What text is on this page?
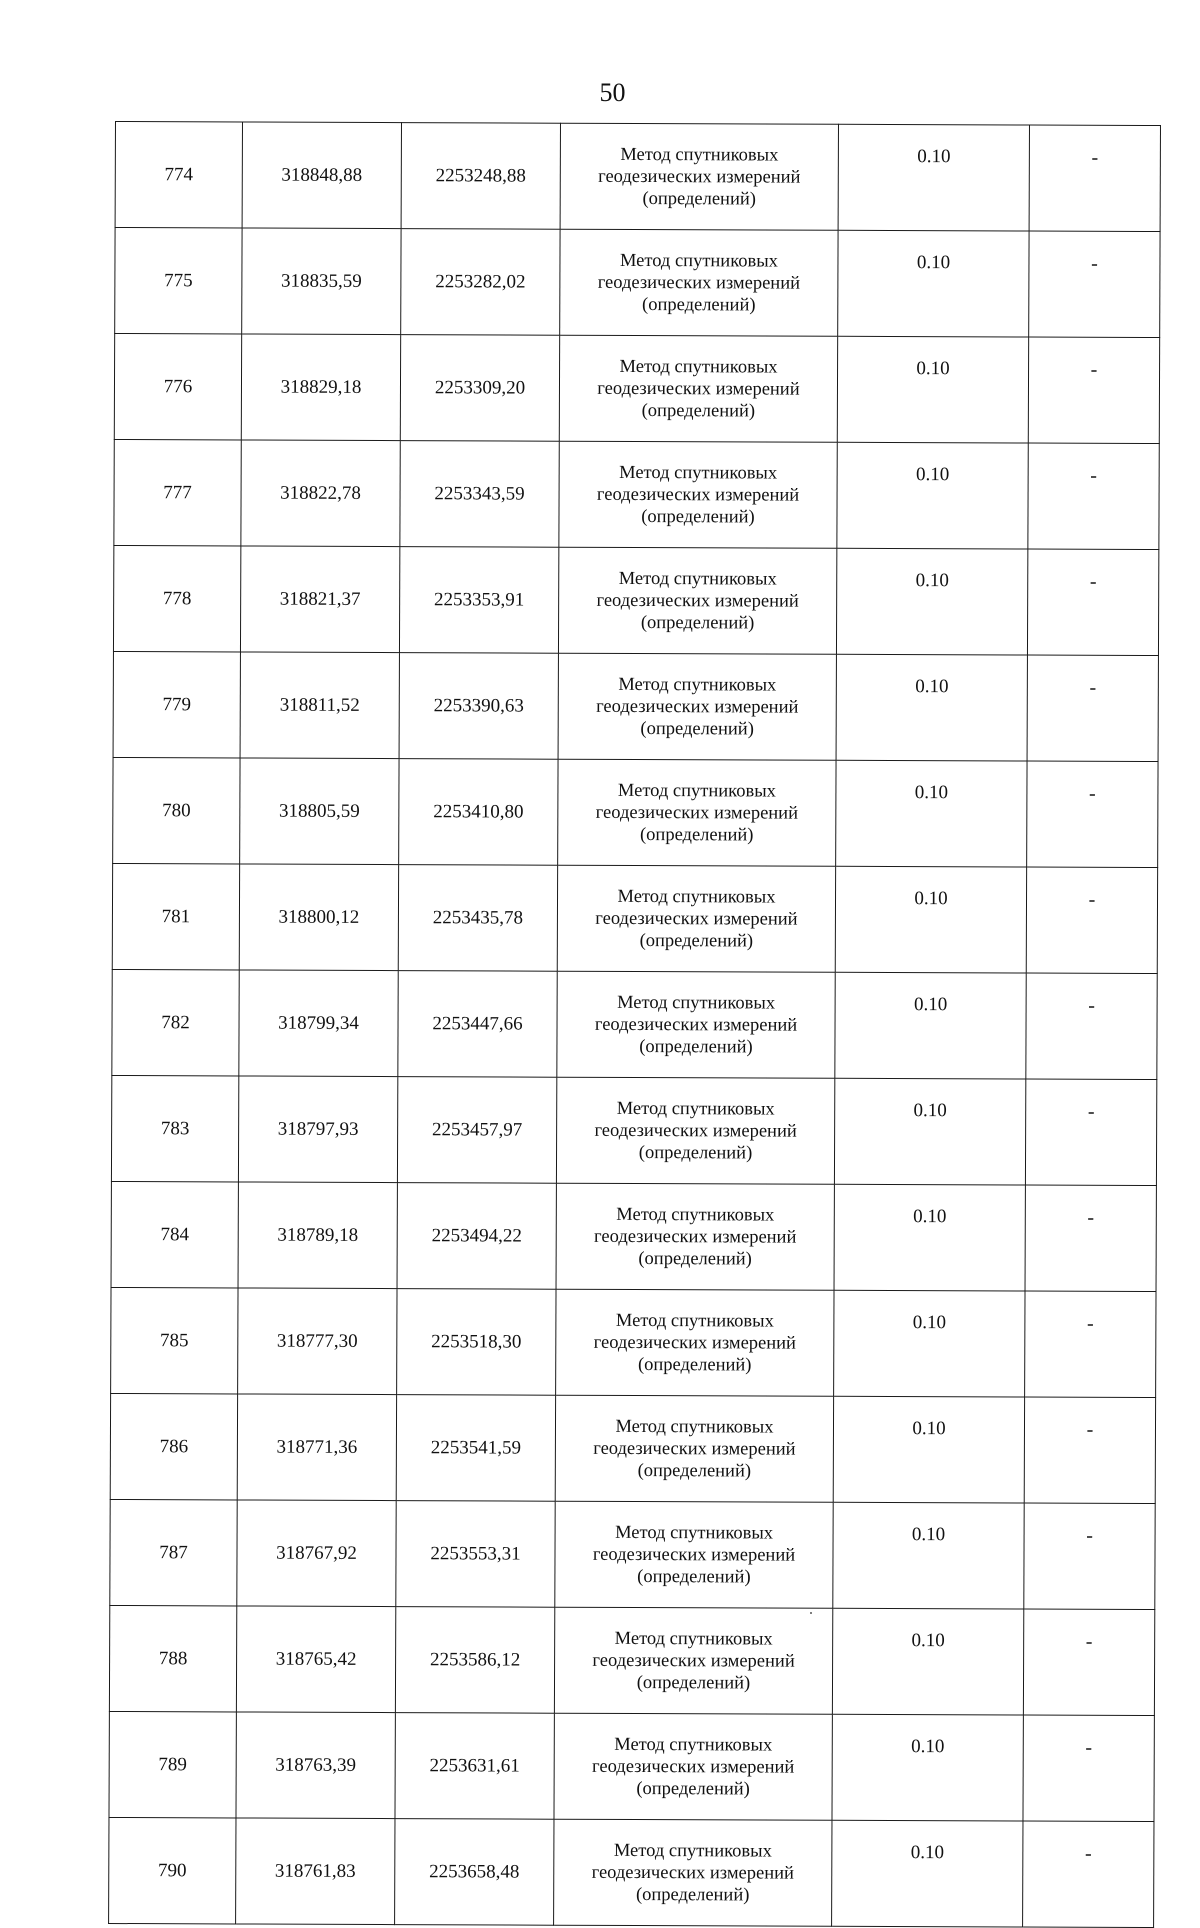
50
774	318848,88	2253248,88	Метод спутниковых
геодезических измерений
(определений)	0.10	-
775	318835,59	2253282,02	Метод спутниковых
геодезических измерений
(определений)	0.10	-
776	318829,18	2253309,20	Метод спутниковых
геодезических измерений
(определений)	0.10	-
777	318822,78	2253343,59	Метод спутниковых
геодезических измерений
(определений)	0.10	-
778	318821,37	2253353,91	Метод спутниковых
геодезических измерений
(определений)	0.10	-
779	318811,52	2253390,63	Метод спутниковых
геодезических измерений
(определений)	0.10	-
780	318805,59	2253410,80	Метод спутниковых
геодезических измерений
(определений)	0.10	-
781	318800,12	2253435,78	Метод спутниковых
геодезических измерений
(определений)	0.10	-
782	318799,34	2253447,66	Метод спутниковых
геодезических измерений
(определений)	0.10	-
783	318797,93	2253457,97	Метод спутниковых
геодезических измерений
(определений)	0.10	-
784	318789,18	2253494,22	Метод спутниковых
геодезических измерений
(определений)	0.10	-
785	318777,30	2253518,30	Метод спутниковых
геодезических измерений
(определений)	0.10	-
786	318771,36	2253541,59	Метод спутниковых
геодезических измерений
(определений)	0.10	-
787	318767,92	2253553,31	Метод спутниковых
геодезических измерений
(определений)	0.10	-
788	318765,42	2253586,12	Метод спутниковых
геодезических измерений
(определений)	0.10	-
789	318763,39	2253631,61	Метод спутниковых
геодезических измерений
(определений)	0.10	-
790	318761,83	2253658,48	Метод спутниковых
геодезических измерений
(определений)	0.10	-
